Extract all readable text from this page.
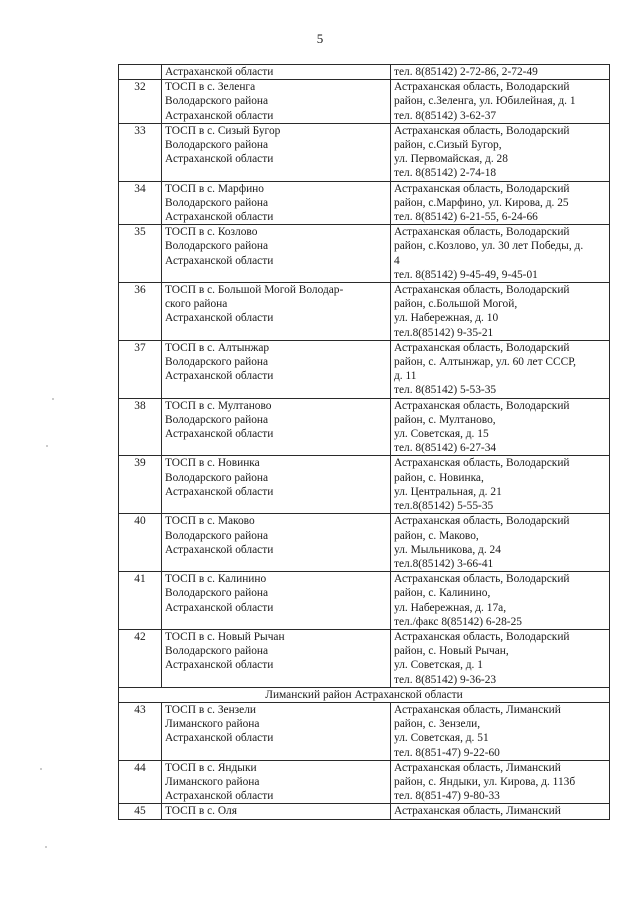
5

	Астраханской области	тел. 8(85142) 2-72-86, 2-72-49

32	ТОСП в с. Зеленга
Володарского района
Астраханской области	Астраханская область, Володарский
район, с.Зеленга, ул. Юбилейная, д. 1
тел. 8(85142) 3-62-37

33	ТОСП в с. Сизый Бугор
Володарского района
Астраханской области	Астраханская область, Володарский
район, с.Сизый Бугор,
ул. Первомайская, д. 28
тел. 8(85142) 2-74-18

34	ТОСП в с. Марфино
Володарского района
Астраханской области	Астраханская область, Володарский
район, с.Марфино, ул. Кирова, д. 25
тел. 8(85142) 6-21-55, 6-24-66

35	ТОСП в с. Козлово
Володарского района
Астраханской области	Астраханская область, Володарский
район, с.Козлово, ул. 30 лет Победы, д.
4
тел. 8(85142) 9-45-49, 9-45-01

36	ТОСП в с. Большой Могой Володар-
ского района
Астраханской области	Астраханская область, Володарский
район, с.Большой Могой,
ул. Набережная, д. 10
тел.8(85142) 9-35-21

37	ТОСП в с. Алтынжар
Володарского района
Астраханской области	Астраханская область, Володарский
район, с. Алтынжар, ул. 60 лет СССР,
д. 11
тел. 8(85142) 5-53-35

38	ТОСП в с. Мултаново
Володарского района
Астраханской области	Астраханская область, Володарский
район, с. Мултаново,
ул. Советская, д. 15
тел. 8(85142) 6-27-34

39	ТОСП в с. Новинка
Володарского района
Астраханской области	Астраханская область, Володарский
район, с. Новинка,
ул. Центральная, д. 21
тел.8(85142) 5-55-35

40	ТОСП в с. Маково
Володарского района
Астраханской области	Астраханская область, Володарский
район, с. Маково,
ул. Мыльникова, д. 24
тел.8(85142) 3-66-41

41	ТОСП в с. Калинино
Володарского района
Астраханской области	Астраханская область, Володарский
район, с. Калинино,
ул. Набережная, д. 17а,
тел./факс 8(85142) 6-28-25

42	ТОСП в с. Новый Рычан
Володарского района
Астраханской области	Астраханская область, Володарский
район, с. Новый Рычан,
ул. Советская, д. 1
тел. 8(85142) 9-36-23

Лиманский район Астраханской области		
43	ТОСП в с. Зензели
Лиманского района
Астраханской области	Астраханская область, Лиманский
район, с. Зензели,
ул. Советская, д. 51
тел. 8(851-47) 9-22-60

44	ТОСП в с. Яндыки
Лиманского района
Астраханской области	Астраханская область, Лиманский
район, с. Яндыки, ул. Кирова, д. 113б
тел. 8(851-47) 9-80-33

45	ТОСП в с. Оля	Астраханская область, Лиманский
